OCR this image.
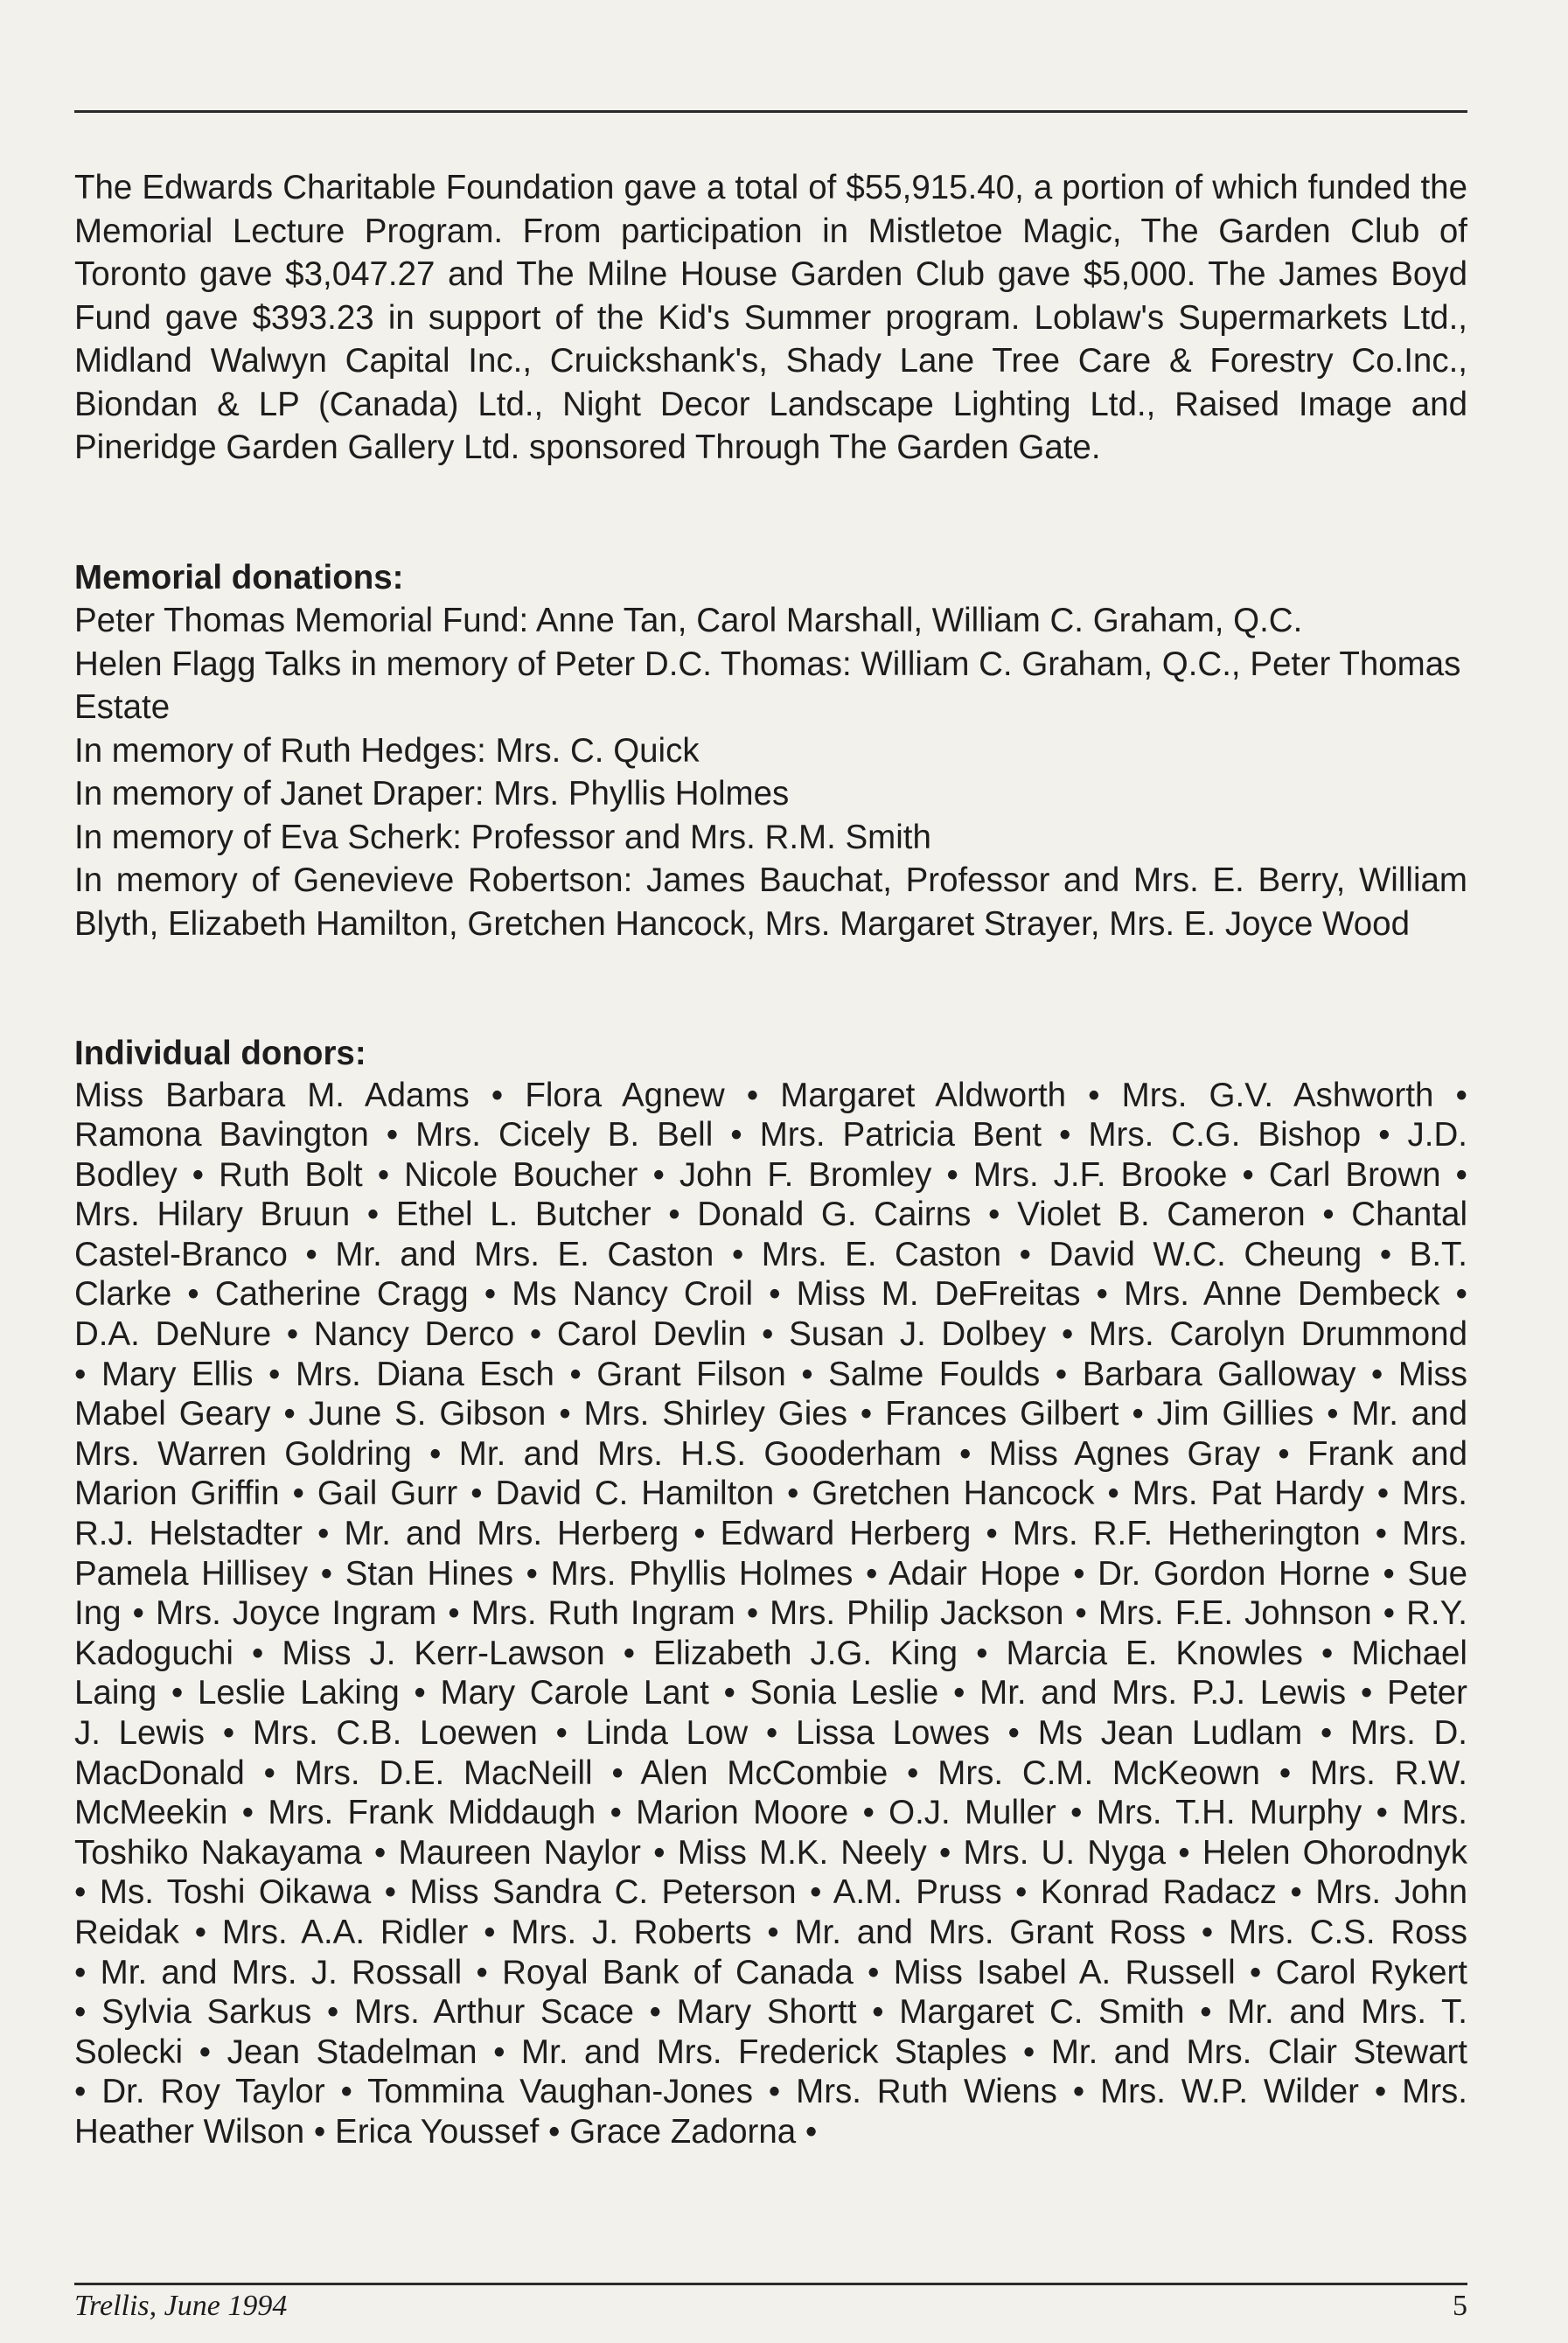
The Edwards Charitable Foundation gave a total of $55,915.40, a portion of which funded the Memorial Lecture Program. From participation in Mistletoe Magic, The Garden Club of Toronto gave $3,047.27 and The Milne House Garden Club gave $5,000. The James Boyd Fund gave $393.23 in support of the Kid's Summer program. Loblaw's Supermarkets Ltd., Midland Walwyn Capital Inc., Cruickshank's, Shady Lane Tree Care & Forestry Co.Inc., Biondan & LP (Canada) Ltd., Night Decor Landscape Lighting Ltd., Raised Image and Pineridge Garden Gallery Ltd. sponsored Through The Garden Gate.
Memorial donations:
Peter Thomas Memorial Fund: Anne Tan, Carol Marshall, William C. Graham, Q.C.
Helen Flagg Talks in memory of Peter D.C. Thomas: William C. Graham, Q.C., Peter Thomas Estate
In memory of Ruth Hedges: Mrs. C. Quick
In memory of Janet Draper: Mrs. Phyllis Holmes
In memory of Eva Scherk: Professor and Mrs. R.M. Smith
In memory of Genevieve Robertson: James Bauchat, Professor and Mrs. E. Berry, William Blyth, Elizabeth Hamilton, Gretchen Hancock, Mrs. Margaret Strayer, Mrs. E. Joyce Wood
Individual donors:
Miss Barbara M. Adams • Flora Agnew • Margaret Aldworth • Mrs. G.V. Ashworth •
Ramona Bavington • Mrs. Cicely B. Bell • Mrs. Patricia Bent • Mrs. C.G. Bishop • J.D.
Bodley • Ruth Bolt • Nicole Boucher • John F. Bromley • Mrs. J.F. Brooke • Carl Brown •
Mrs. Hilary Bruun • Ethel L. Butcher • Donald G. Cairns • Violet B. Cameron • Chantal
Castel-Branco • Mr. and Mrs. E. Caston • Mrs. E. Caston • David W.C. Cheung • B.T.
Clarke • Catherine Cragg • Ms Nancy Croil • Miss M. DeFreitas • Mrs. Anne Dembeck •
D.A. DeNure • Nancy Derco • Carol Devlin • Susan J. Dolbey • Mrs. Carolyn Drummond
• Mary Ellis • Mrs. Diana Esch • Grant Filson • Salme Foulds • Barbara Galloway • Miss
Mabel Geary • June S. Gibson • Mrs. Shirley Gies • Frances Gilbert • Jim Gillies • Mr. and
Mrs. Warren Goldring • Mr. and Mrs. H.S. Gooderham • Miss Agnes Gray • Frank and
Marion Griffin • Gail Gurr • David C. Hamilton • Gretchen Hancock • Mrs. Pat Hardy • Mrs.
R.J. Helstadter • Mr. and Mrs. Herberg • Edward Herberg • Mrs. R.F. Hetherington • Mrs.
Pamela Hillisey • Stan Hines • Mrs. Phyllis Holmes • Adair Hope • Dr. Gordon Horne • Sue
Ing • Mrs. Joyce Ingram • Mrs. Ruth Ingram • Mrs. Philip Jackson • Mrs. F.E. Johnson • R.Y.
Kadoguchi • Miss J. Kerr-Lawson • Elizabeth J.G. King • Marcia E. Knowles • Michael
Laing • Leslie Laking • Mary Carole Lant • Sonia Leslie • Mr. and Mrs. P.J. Lewis • Peter
J. Lewis • Mrs. C.B. Loewen • Linda Low • Lissa Lowes • Ms Jean Ludlam • Mrs. D.
MacDonald • Mrs. D.E. MacNeill • Alen McCombie • Mrs. C.M. McKeown • Mrs. R.W.
McMeekin • Mrs. Frank Middaugh • Marion Moore • O.J. Muller • Mrs. T.H. Murphy • Mrs.
Toshiko Nakayama • Maureen Naylor • Miss M.K. Neely • Mrs. U. Nyga • Helen Ohorodnyk
• Ms. Toshi Oikawa • Miss Sandra C. Peterson • A.M. Pruss • Konrad Radacz • Mrs. John
Reidak • Mrs. A.A. Ridler • Mrs. J. Roberts • Mr. and Mrs. Grant Ross • Mrs. C.S. Ross
• Mr. and Mrs. J. Rossall • Royal Bank of Canada • Miss Isabel A. Russell • Carol Rykert
• Sylvia Sarkus • Mrs. Arthur Scace • Mary Shortt • Margaret C. Smith • Mr. and Mrs. T.
Solecki • Jean Stadelman • Mr. and Mrs. Frederick Staples • Mr. and Mrs. Clair Stewart
• Dr. Roy Taylor • Tommina Vaughan-Jones • Mrs. Ruth Wiens • Mrs. W.P. Wilder • Mrs.
Heather Wilson • Erica Youssef • Grace Zadorna •
Trellis, June 1994	5
